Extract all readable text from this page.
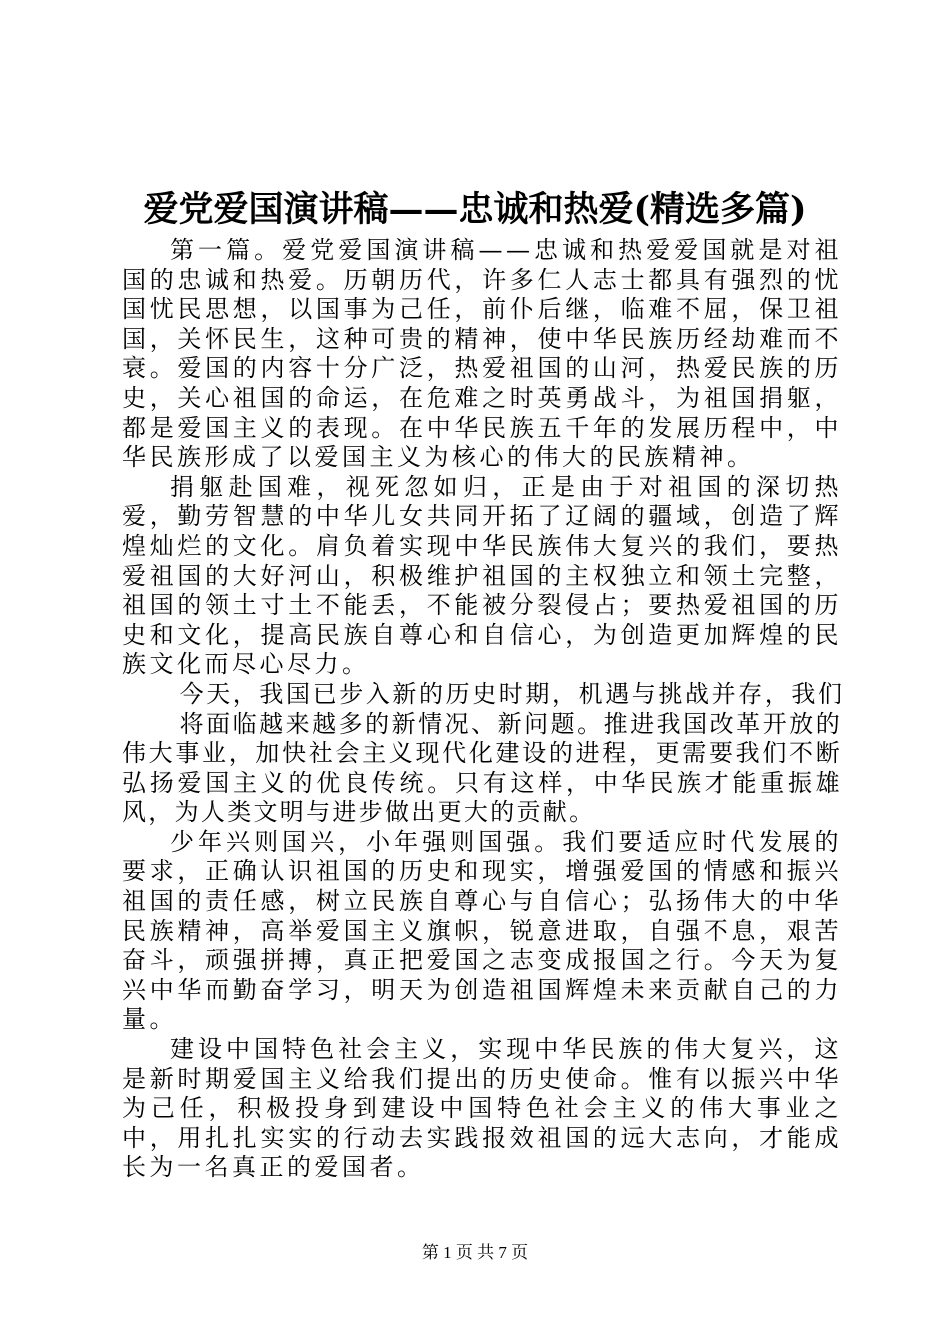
爱党爱国演讲稿——忠诚和热爱(精选多篇)

第一篇。爱党爱国演讲稿——忠诚和热爱爱国就是对祖国的忠诚和热爱。历朝历代，许多仁人志士都具有强烈的忧国忧民思想，以国事为己任，前仆后继，临难不屈，保卫祖国，关怀民生，这种可贵的精神，使中华民族历经劫难而不衰。爱国的内容十分广泛，热爱祖国的山河，热爱民族的历史，关心祖国的命运，在危难之时英勇战斗，为祖国捐躯，都是爱国主义的表现。在中华民族五千年的发展历程中，中华民族形成了以爱国主义为核心的伟大的民族精神。

捐躯赴国难，视死忽如归，正是由于对祖国的深切热爱，勤劳智慧的中华儿女共同开拓了辽阔的疆域，创造了辉煌灿烂的文化。肩负着实现中华民族伟大复兴的我们，要热爱祖国的大好河山，积极维护祖国的主权独立和领土完整，祖国的领土寸土不能丢，不能被分裂侵占；要热爱祖国的历史和文化，提高民族自尊心和自信心，为创造更加辉煌的民族文化而尽心尽力。

今天，我国已步入新的历史时期，机遇与挑战并存，我们

将面临越来越多的新情况、新问题。推进我国改革开放的伟大事业，加快社会主义现代化建设的进程，更需要我们不断弘扬爱国主义的优良传统。只有这样，中华民族才能重振雄风，为人类文明与进步做出更大的贡献。

少年兴则国兴，小年强则国强。我们要适应时代发展的要求，正确认识祖国的历史和现实，增强爱国的情感和振兴祖国的责任感，树立民族自尊心与自信心；弘扬伟大的中华民族精神，高举爱国主义旗帜，锐意进取，自强不息，艰苦奋斗，顽强拼搏，真正把爱国之志变成报国之行。今天为复兴中华而勤奋学习，明天为创造祖国辉煌未来贡献自己的力量。

建设中国特色社会主义，实现中华民族的伟大复兴，这是新时期爱国主义给我们提出的历史使命。惟有以振兴中华为己任，积极投身到建设中国特色社会主义的伟大事业之中，用扎扎实实的行动去实践报效祖国的远大志向，才能成长为一名真正的爱国者。

第 1 页 共 7 页
